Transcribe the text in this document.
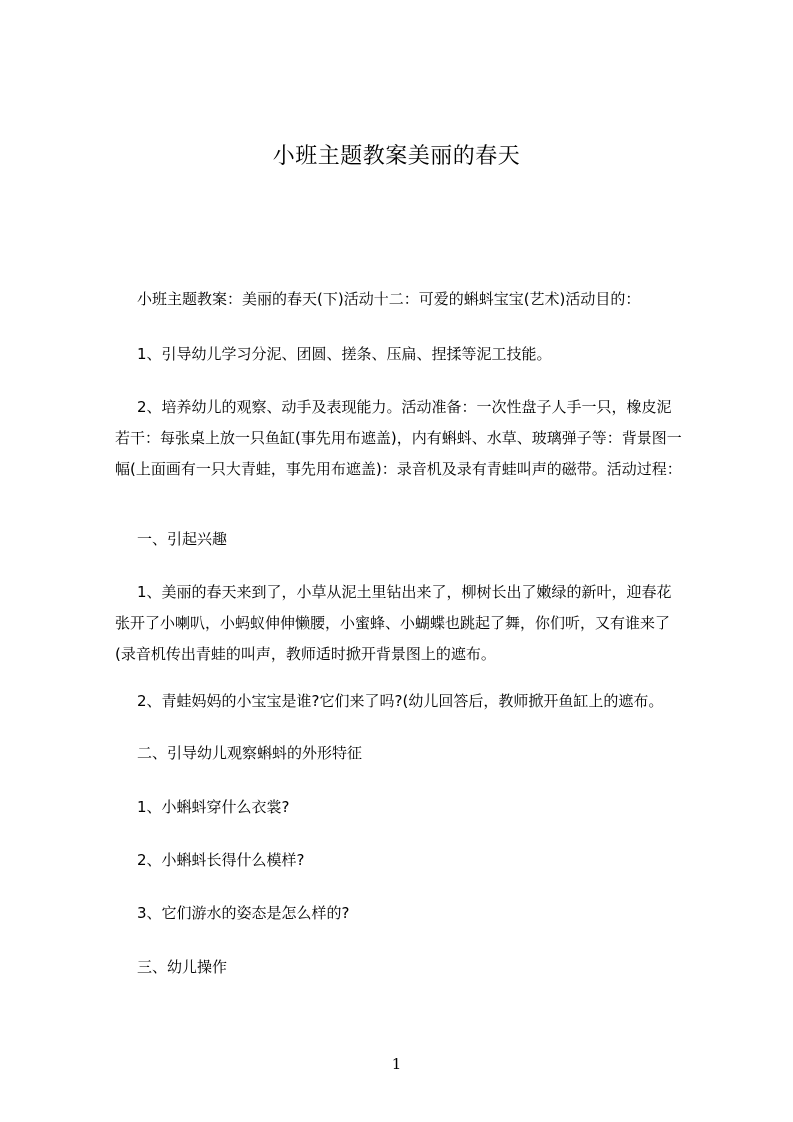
小班主题教案美丽的春天

小班主题教案：美丽的春天(下)活动十二：可爱的蝌蚪宝宝(艺术)活动目的：

1、引导幼儿学习分泥、团圆、搓条、压扁、捏揉等泥工技能。

2、培养幼儿的观察、动手及表现能力。活动准备：一次性盘子人手一只，橡皮泥若干：每张桌上放一只鱼缸(事先用布遮盖)，内有蝌蚪、水草、玻璃弹子等：背景图一幅(上面画有一只大青蛙，事先用布遮盖)：录音机及录有青蛙叫声的磁带。活动过程：

一、引起兴趣

1、美丽的春天来到了，小草从泥土里钻出来了，柳树长出了嫩绿的新叶，迎春花张开了小喇叭，小蚂蚁伸伸懒腰，小蜜蜂、小蝴蝶也跳起了舞，你们听，又有谁来了(录音机传出青蛙的叫声，教师适时掀开背景图上的遮布。

2、青蛙妈妈的小宝宝是谁?它们来了吗?(幼儿回答后，教师掀开鱼缸上的遮布。

二、引导幼儿观察蝌蚪的外形特征

1、小蝌蚪穿什么衣裳?

2、小蝌蚪长得什么模样?

3、它们游水的姿态是怎么样的?

三、幼儿操作

1
